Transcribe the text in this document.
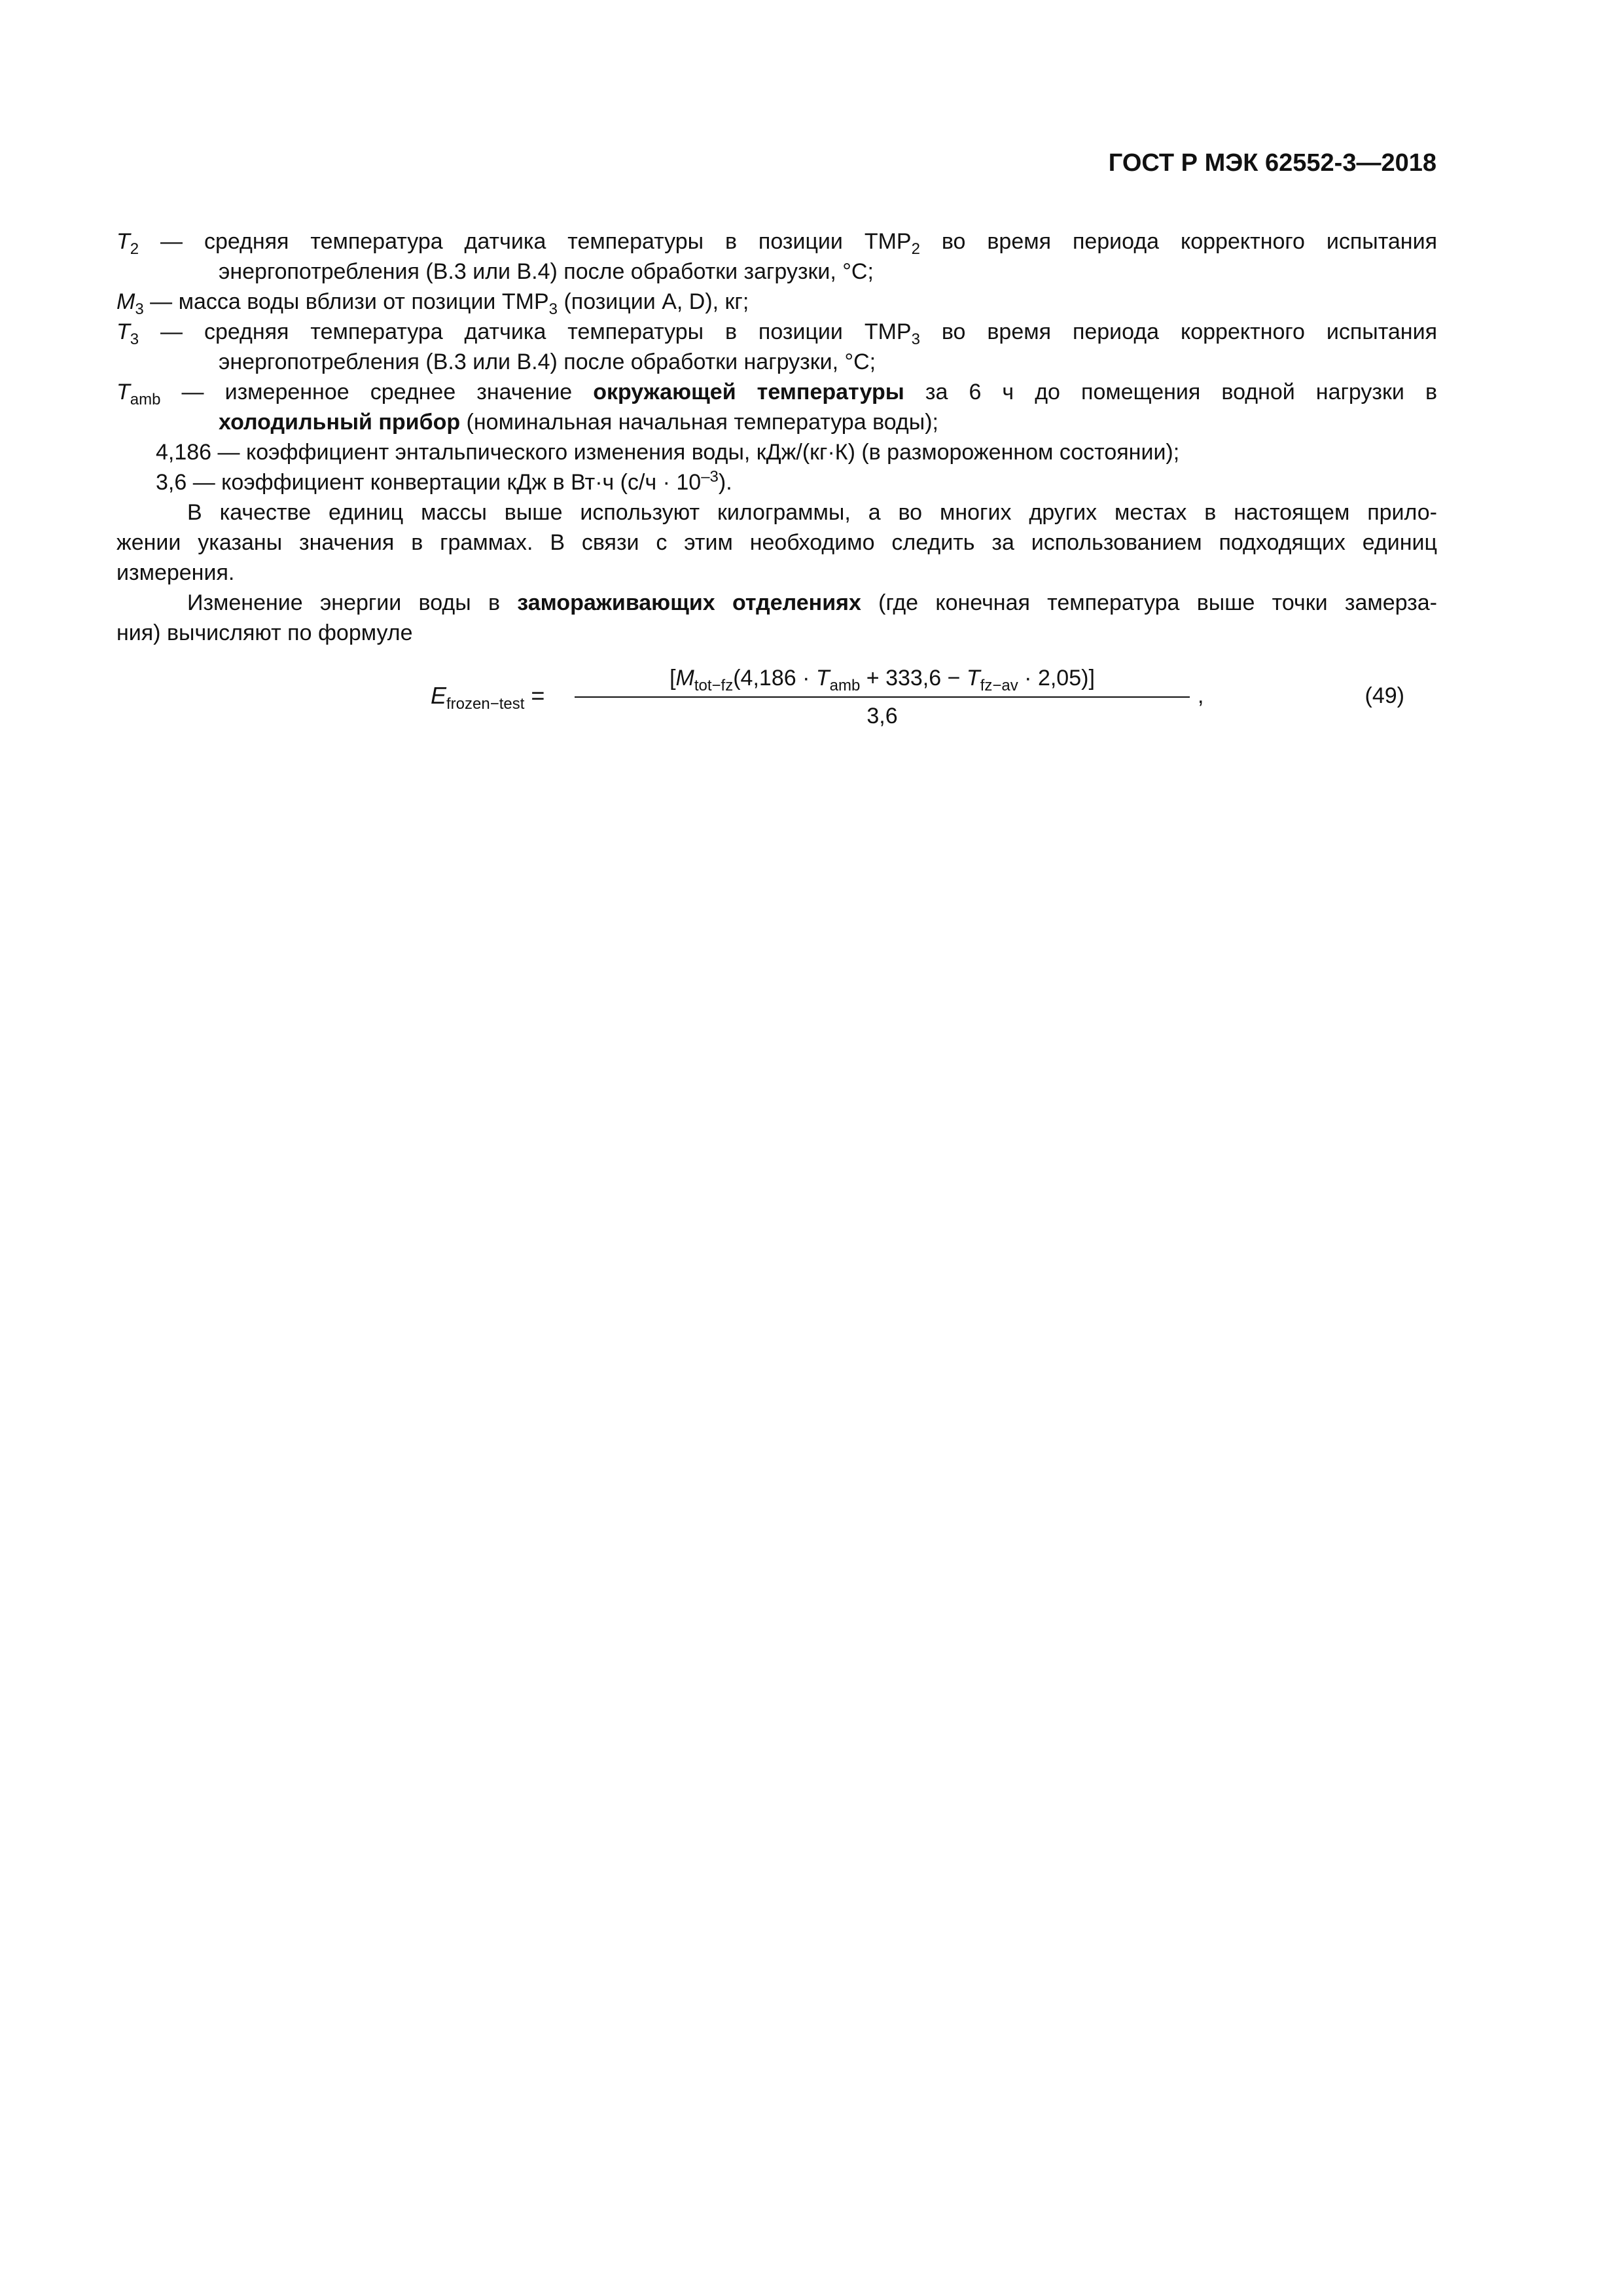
ГОСТ Р МЭК 62552-3—2018
$T_2$ — средняя температура датчика температуры в позиции $ТМР_2$ во время периода корректного испытания
энергопотребления (В.3 или В.4) после обработки загрузки, °С;
$M_3$ — масса воды вблизи от позиции $ТМР_3$ (позиции A, D), кг;
$T_3$ — средняя температура датчика температуры в позиции $ТМР_3$ во время периода корректного испытания
энергопотребления (В.3 или В.4) после обработки нагрузки, °С;
$T_{amb}$ — измеренное среднее значение окружающей температуры за 6 ч до помещения водной нагрузки в
холодильный прибор (номинальная начальная температура воды);
4,186 — коэффициент энтальпического изменения воды, кДж/(кг·К) (в размороженном состоянии);
3,6 — коэффициент конвертации кДж в Вт·ч $(с/ч \cdot 10^{-3})$.
В качестве единиц массы выше используют килограммы, а во многих других местах в настоящем прило-
жении указаны значения в граммах. В связи с этим необходимо следить за использованием подходящих единиц
измерения.
Изменение энергии воды в замораживающих отделениях (где конечная температура выше точки замерза-
ния) вычисляют по формуле
$E_{frozen-test}$ =
$[M_{tot-fz}(4,186 \cdot T_{amb} + 333,6 - T_{fz-av} \cdot 2,05)]$
3,6
,	(49)
